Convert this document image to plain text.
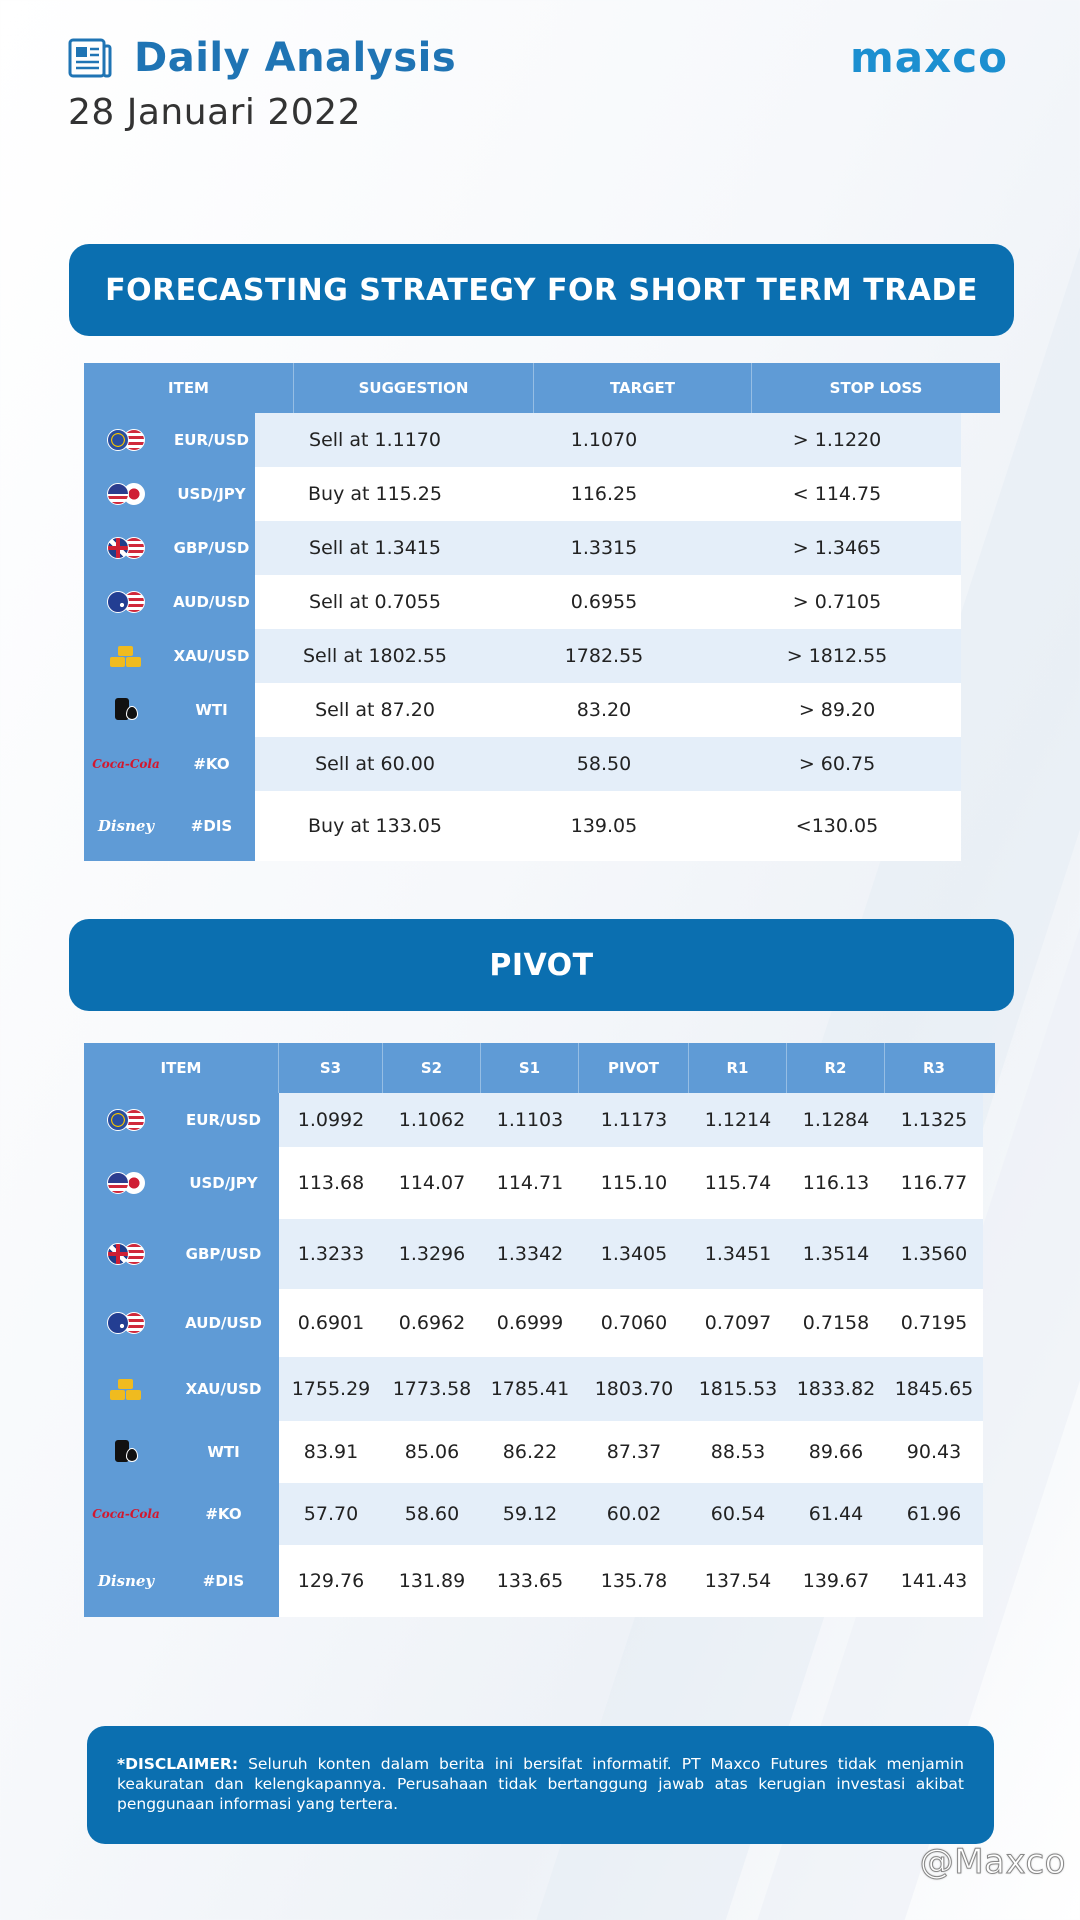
Daily Analysis
28 Januari 2022
maxco
FORECASTING STRATEGY FOR SHORT TERM TRADE
ITEM	SUGGESTION	TARGET	STOP LOSS
EUR/USD	Sell at 1.1170	1.1070	> 1.1220
USD/JPY	Buy at 115.25	116.25	< 114.75
GBP/USD	Sell at 1.3415	1.3315	> 1.3465
AUD/USD	Sell at 0.7055	0.6955	> 0.7105
XAU/USD	Sell at 1802.55	1782.55	> 1812.55
WTI	Sell at 87.20	83.20	> 89.20
Coca-Cola	#KO	Sell at 60.00	58.50	> 60.75
Disney	#DIS	Buy at 133.05	139.05	<130.05
PIVOT
ITEM	S3	S2	S1	PIVOT	R1	R2	R3
EUR/USD	1.0992	1.1062	1.1103	1.1173	1.1214	1.1284	1.1325
USD/JPY	113.68	114.07	114.71	115.10	115.74	116.13	116.77
GBP/USD	1.3233	1.3296	1.3342	1.3405	1.3451	1.3514	1.3560
AUD/USD	0.6901	0.6962	0.6999	0.7060	0.7097	0.7158	0.7195
XAU/USD	1755.29	1773.58	1785.41	1803.70	1815.53	1833.82	1845.65
WTI	83.91	85.06	86.22	87.37	88.53	89.66	90.43
Coca-Cola	#KO	57.70	58.60	59.12	60.02	60.54	61.44	61.96
Disney	#DIS	129.76	131.89	133.65	135.78	137.54	139.67	141.43
*DISCLAIMER: Seluruh konten dalam berita ini bersifat informatif. PT Maxco Futures tidak menjamin keakuratan dan kelengkapannya. Perusahaan tidak bertanggung jawab atas kerugian investasi akibat penggunaan informasi yang tertera.
@Maxco
